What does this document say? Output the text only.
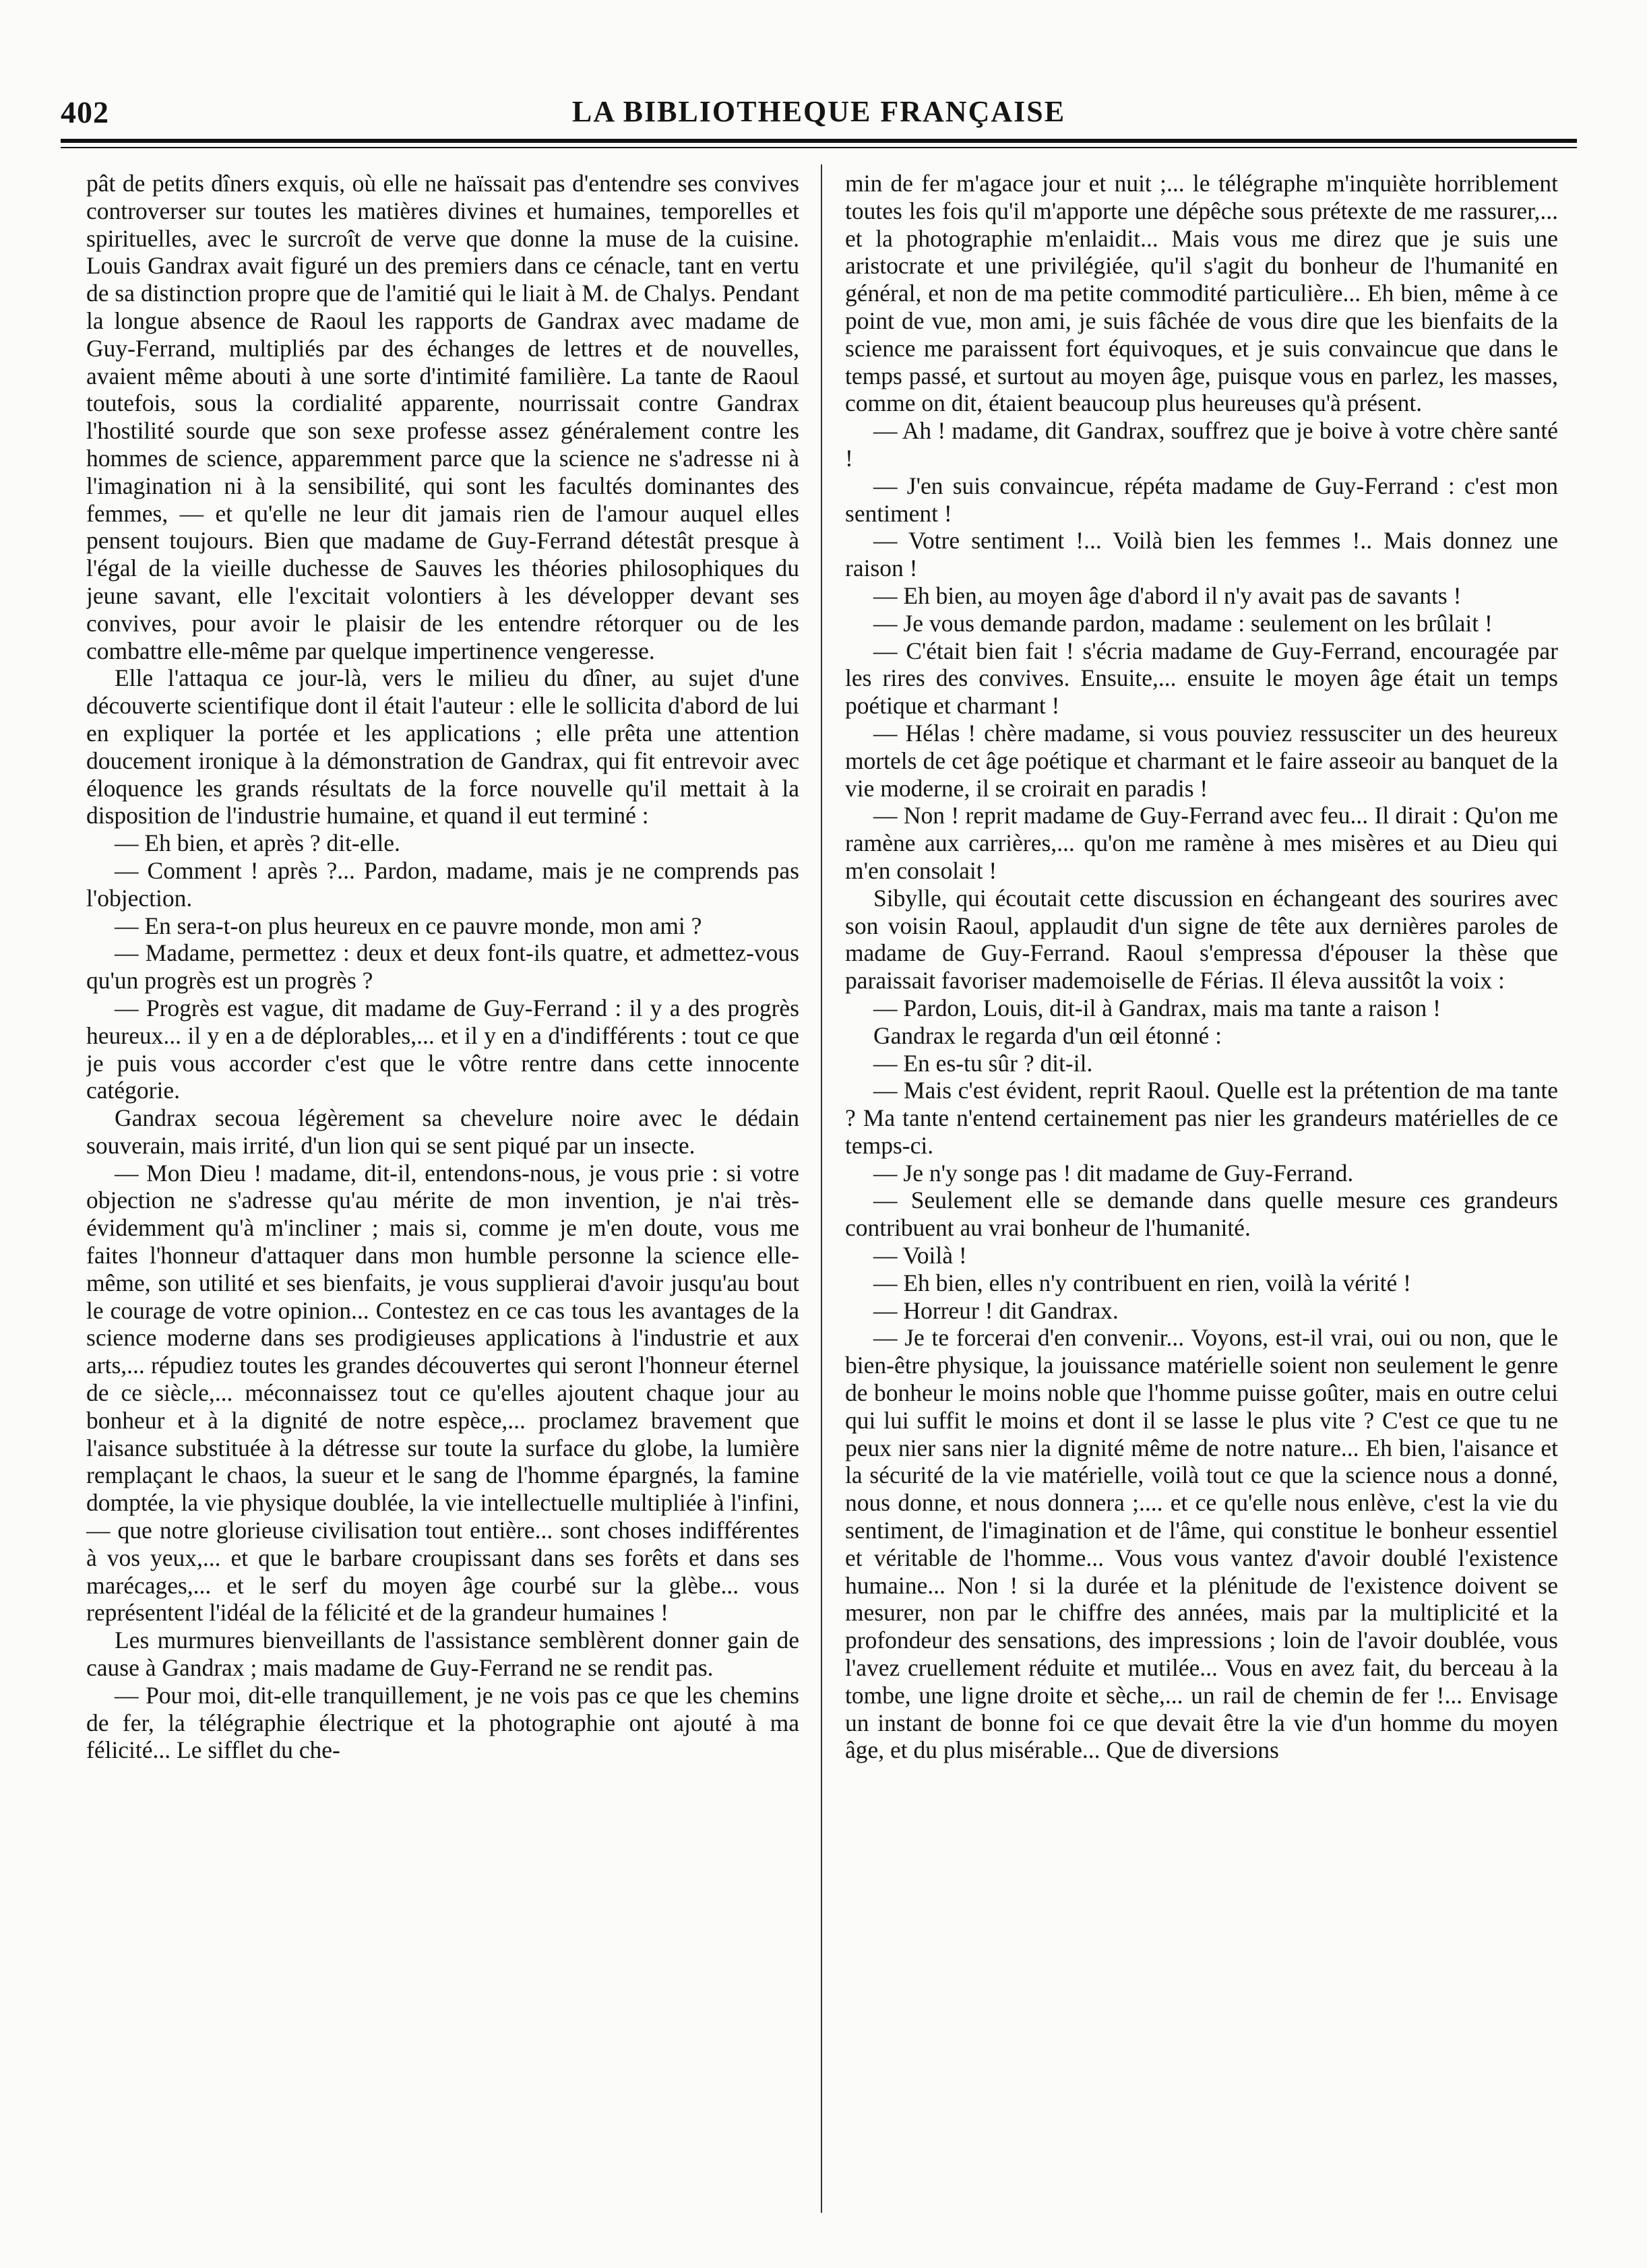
402	LA BIBLIOTHEQUE FRANÇAISE

pât de petits dîners exquis, où elle ne haïssait pas d'entendre ses convives controverser sur toutes les matières divines et humaines, temporelles et spirituelles, avec le surcroît de verve que donne la muse de la cuisine. Louis Gandrax avait figuré un des premiers dans ce cénacle, tant en vertu de sa distinction propre que de l'amitié qui le liait à M. de Chalys. Pendant la longue absence de Raoul les rapports de Gandrax avec madame de Guy-Ferrand, multipliés par des échanges de lettres et de nouvelles, avaient même abouti à une sorte d'intimité familière. La tante de Raoul toutefois, sous la cordialité apparente, nourrissait contre Gandrax l'hostilité sourde que son sexe professe assez généralement contre les hommes de science, apparemment parce que la science ne s'adresse ni à l'imagination ni à la sensibilité, qui sont les facultés dominantes des femmes, — et qu'elle ne leur dit jamais rien de l'amour auquel elles pensent toujours. Bien que madame de Guy-Ferrand détestât presque à l'égal de la vieille duchesse de Sauves les théories philosophiques du jeune savant, elle l'excitait volontiers à les développer devant ses convives, pour avoir le plaisir de les entendre rétorquer ou de les combattre elle-même par quelque impertinence vengeresse.

Elle l'attaqua ce jour-là, vers le milieu du dîner, au sujet d'une découverte scientifique dont il était l'auteur : elle le sollicita d'abord de lui en expliquer la portée et les applications ; elle prêta une attention doucement ironique à la démonstration de Gandrax, qui fit entrevoir avec éloquence les grands résultats de la force nouvelle qu'il mettait à la disposition de l'industrie humaine, et quand il eut terminé :

— Eh bien, et après ? dit-elle.

— Comment ! après ?... Pardon, madame, mais je ne comprends pas l'objection.

— En sera-t-on plus heureux en ce pauvre monde, mon ami ?

— Madame, permettez : deux et deux font-ils quatre, et admettez-vous qu'un progrès est un progrès ?

— Progrès est vague, dit madame de Guy-Ferrand : il y a des progrès heureux... il y en a de déplorables,... et il y en a d'indifférents : tout ce que je puis vous accorder c'est que le vôtre rentre dans cette innocente catégorie.

Gandrax secoua légèrement sa chevelure noire avec le dédain souverain, mais irrité, d'un lion qui se sent piqué par un insecte.

— Mon Dieu ! madame, dit-il, entendons-nous, je vous prie : si votre objection ne s'adresse qu'au mérite de mon invention, je n'ai très-évidemment qu'à m'incliner ; mais si, comme je m'en doute, vous me faites l'honneur d'attaquer dans mon humble personne la science elle-même, son utilité et ses bienfaits, je vous supplierai d'avoir jusqu'au bout le courage de votre opinion... Contestez en ce cas tous les avantages de la science moderne dans ses prodigieuses applications à l'industrie et aux arts,... répudiez toutes les grandes découvertes qui seront l'honneur éternel de ce siècle,... méconnaissez tout ce qu'elles ajoutent chaque jour au bonheur et à la dignité de notre espèce,... proclamez bravement que l'aisance substituée à la détresse sur toute la surface du globe, la lumière remplaçant le chaos, la sueur et le sang de l'homme épargnés, la famine domptée, la vie physique doublée, la vie intellectuelle multipliée à l'infini, — que notre glorieuse civilisation tout entière... sont choses indifférentes à vos yeux,... et que le barbare croupissant dans ses forêts et dans ses marécages,... et le serf du moyen âge courbé sur la glèbe... vous représentent l'idéal de la félicité et de la grandeur humaines !

Les murmures bienveillants de l'assistance semblèrent donner gain de cause à Gandrax ; mais madame de Guy-Ferrand ne se rendit pas.

— Pour moi, dit-elle tranquillement, je ne vois pas ce que les chemins de fer, la télégraphie électrique et la photographie ont ajouté à ma félicité... Le sifflet du che-

min de fer m'agace jour et nuit ;... le télégraphe m'inquiète horriblement toutes les fois qu'il m'apporte une dépêche sous prétexte de me rassurer,... et la photographie m'enlaidit... Mais vous me direz que je suis une aristocrate et une privilégiée, qu'il s'agit du bonheur de l'humanité en général, et non de ma petite commodité particulière... Eh bien, même à ce point de vue, mon ami, je suis fâchée de vous dire que les bienfaits de la science me paraissent fort équivoques, et je suis convaincue que dans le temps passé, et surtout au moyen âge, puisque vous en parlez, les masses, comme on dit, étaient beaucoup plus heureuses qu'à présent.

— Ah ! madame, dit Gandrax, souffrez que je boive à votre chère santé !

— J'en suis convaincue, répéta madame de Guy-Ferrand : c'est mon sentiment !

— Votre sentiment !... Voilà bien les femmes !.. Mais donnez une raison !

— Eh bien, au moyen âge d'abord il n'y avait pas de savants !

— Je vous demande pardon, madame : seulement on les brûlait !

— C'était bien fait ! s'écria madame de Guy-Ferrand, encouragée par les rires des convives. Ensuite,... ensuite le moyen âge était un temps poétique et charmant !

— Hélas ! chère madame, si vous pouviez ressusciter un des heureux mortels de cet âge poétique et charmant et le faire asseoir au banquet de la vie moderne, il se croirait en paradis !

— Non ! reprit madame de Guy-Ferrand avec feu... Il dirait : Qu'on me ramène aux carrières,... qu'on me ramène à mes misères et au Dieu qui m'en consolait !

Sibylle, qui écoutait cette discussion en échangeant des sourires avec son voisin Raoul, applaudit d'un signe de tête aux dernières paroles de madame de Guy-Ferrand. Raoul s'empressa d'épouser la thèse que paraissait favoriser mademoiselle de Férias. Il éleva aussitôt la voix :

— Pardon, Louis, dit-il à Gandrax, mais ma tante a raison !

Gandrax le regarda d'un œil étonné :

— En es-tu sûr ? dit-il.

— Mais c'est évident, reprit Raoul. Quelle est la prétention de ma tante ? Ma tante n'entend certainement pas nier les grandeurs matérielles de ce temps-ci.

— Je n'y songe pas ! dit madame de Guy-Ferrand.

— Seulement elle se demande dans quelle mesure ces grandeurs contribuent au vrai bonheur de l'humanité.

— Voilà !

— Eh bien, elles n'y contribuent en rien, voilà la vérité !

— Horreur ! dit Gandrax.

— Je te forcerai d'en convenir... Voyons, est-il vrai, oui ou non, que le bien-être physique, la jouissance matérielle soient non seulement le genre de bonheur le moins noble que l'homme puisse goûter, mais en outre celui qui lui suffit le moins et dont il se lasse le plus vite ? C'est ce que tu ne peux nier sans nier la dignité même de notre nature... Eh bien, l'aisance et la sécurité de la vie matérielle, voilà tout ce que la science nous a donné, nous donne, et nous donnera ;.... et ce qu'elle nous enlève, c'est la vie du sentiment, de l'imagination et de l'âme, qui constitue le bonheur essentiel et véritable de l'homme... Vous vous vantez d'avoir doublé l'existence humaine... Non ! si la durée et la plénitude de l'existence doivent se mesurer, non par le chiffre des années, mais par la multiplicité et la profondeur des sensations, des impressions ; loin de l'avoir doublée, vous l'avez cruellement réduite et mutilée... Vous en avez fait, du berceau à la tombe, une ligne droite et sèche,... un rail de chemin de fer !... Envisage un instant de bonne foi ce que devait être la vie d'un homme du moyen âge, et du plus misérable... Que de diversions
